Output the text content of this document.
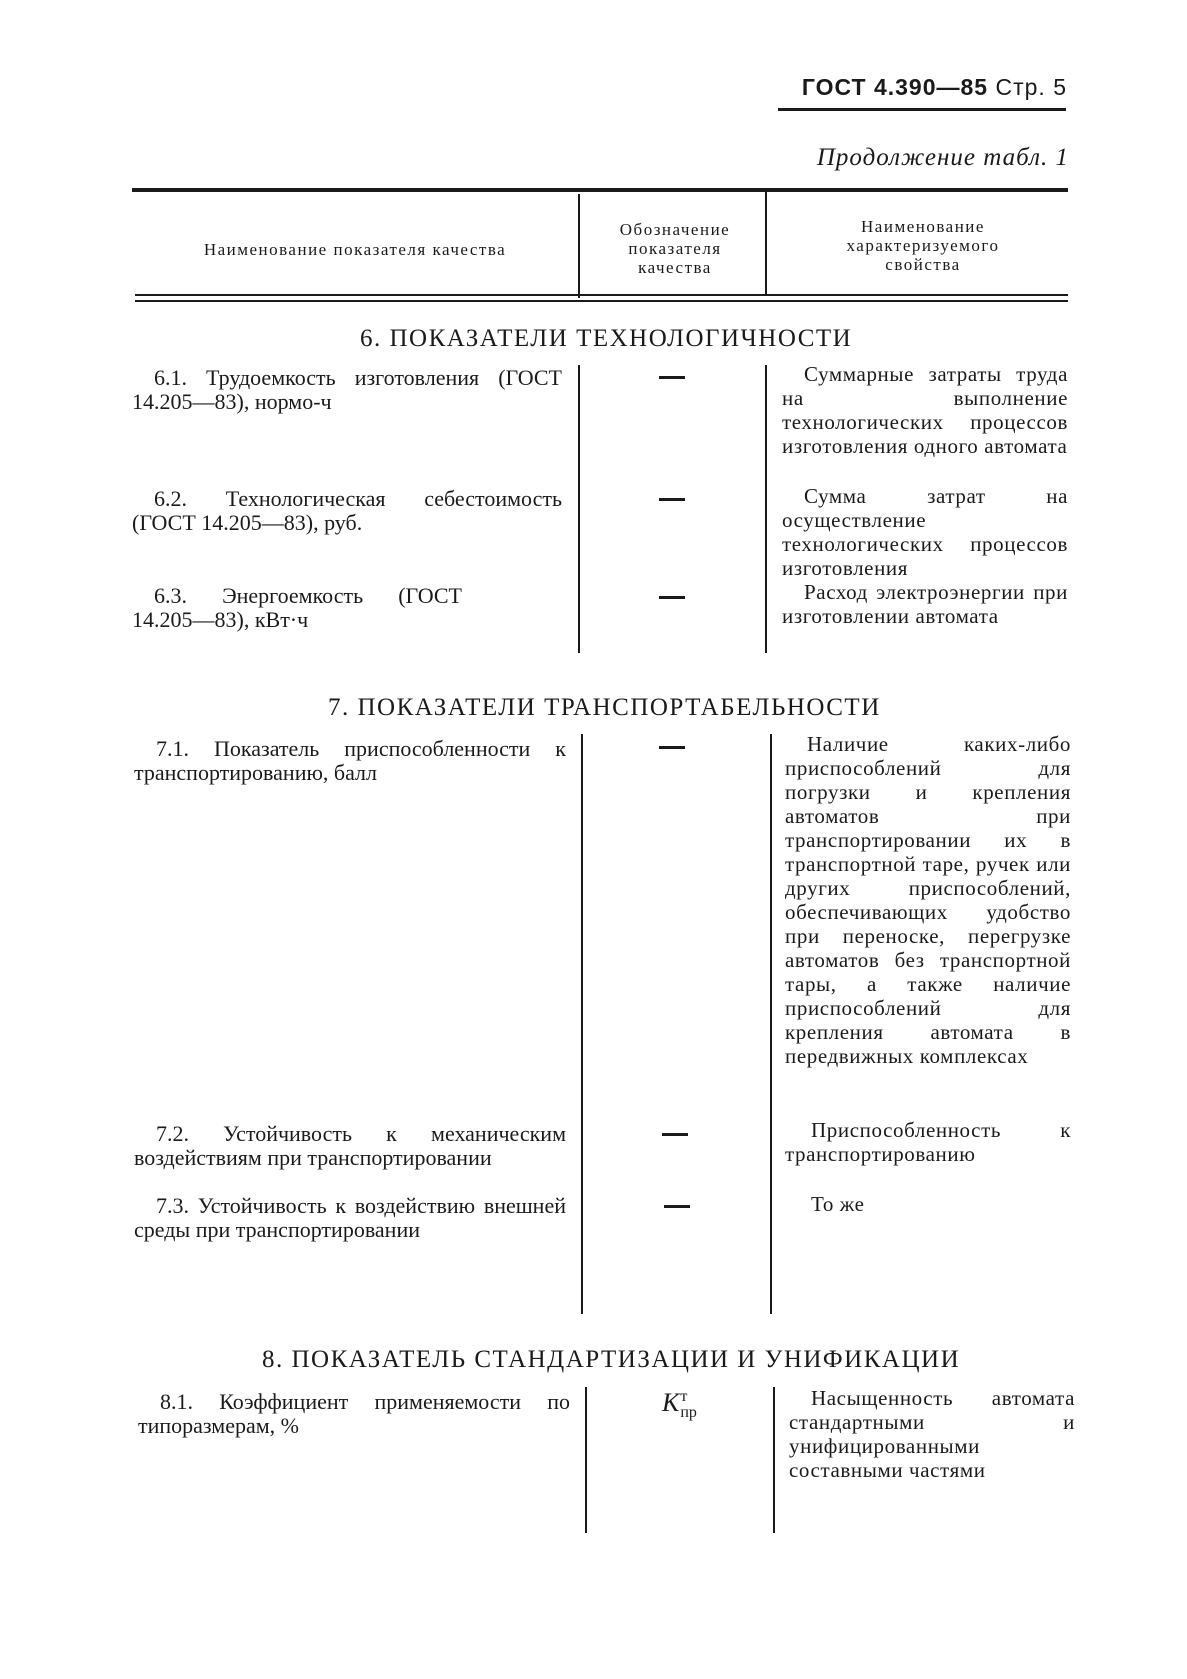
ГОСТ 4.390—85 Стр. 5
Продолжение табл. 1
Наименование показателя качества
Обозначение показателя качества
Наименование характеризуемого свойства
6. ПОКАЗАТЕЛИ ТЕХНОЛОГИЧНОСТИ
6.1. Трудоемкость изготовления (ГОСТ 14.205—83), нормо-ч
Суммарные затраты труда на выполнение технологических процессов изготовления одного автомата
6.2. Технологическая себестоимость (ГОСТ 14.205—83), руб.
Сумма затрат на осуществление технологических процессов изготовления
6.3. Энергоемкость (ГОСТ 14.205—83), кВт·ч
Расход электроэнергии при изготовлении автомата
7. ПОКАЗАТЕЛИ ТРАНСПОРТАБЕЛЬНОСТИ
7.1. Показатель приспособленности к транспортированию, балл
Наличие каких-либо приспособлений для погрузки и крепления автоматов при транспортировании их в транспортной таре, ручек или других приспособлений, обеспечивающих удобство при переноске, перегрузке автоматов без транспортной тары, а также наличие приспособлений для крепления автомата в передвижных комплексах
7.2. Устойчивость к механическим воздействиям при транспортировании
Приспособленность к транспортированию
7.3. Устойчивость к воздействию внешней среды при транспортировании
То же
8. ПОКАЗАТЕЛЬ СТАНДАРТИЗАЦИИ И УНИФИКАЦИИ
8.1. Коэффициент применяемости по типоразмерам, %
K т
пр
Насыщенность автомата стандартными и унифицированными составными частями
